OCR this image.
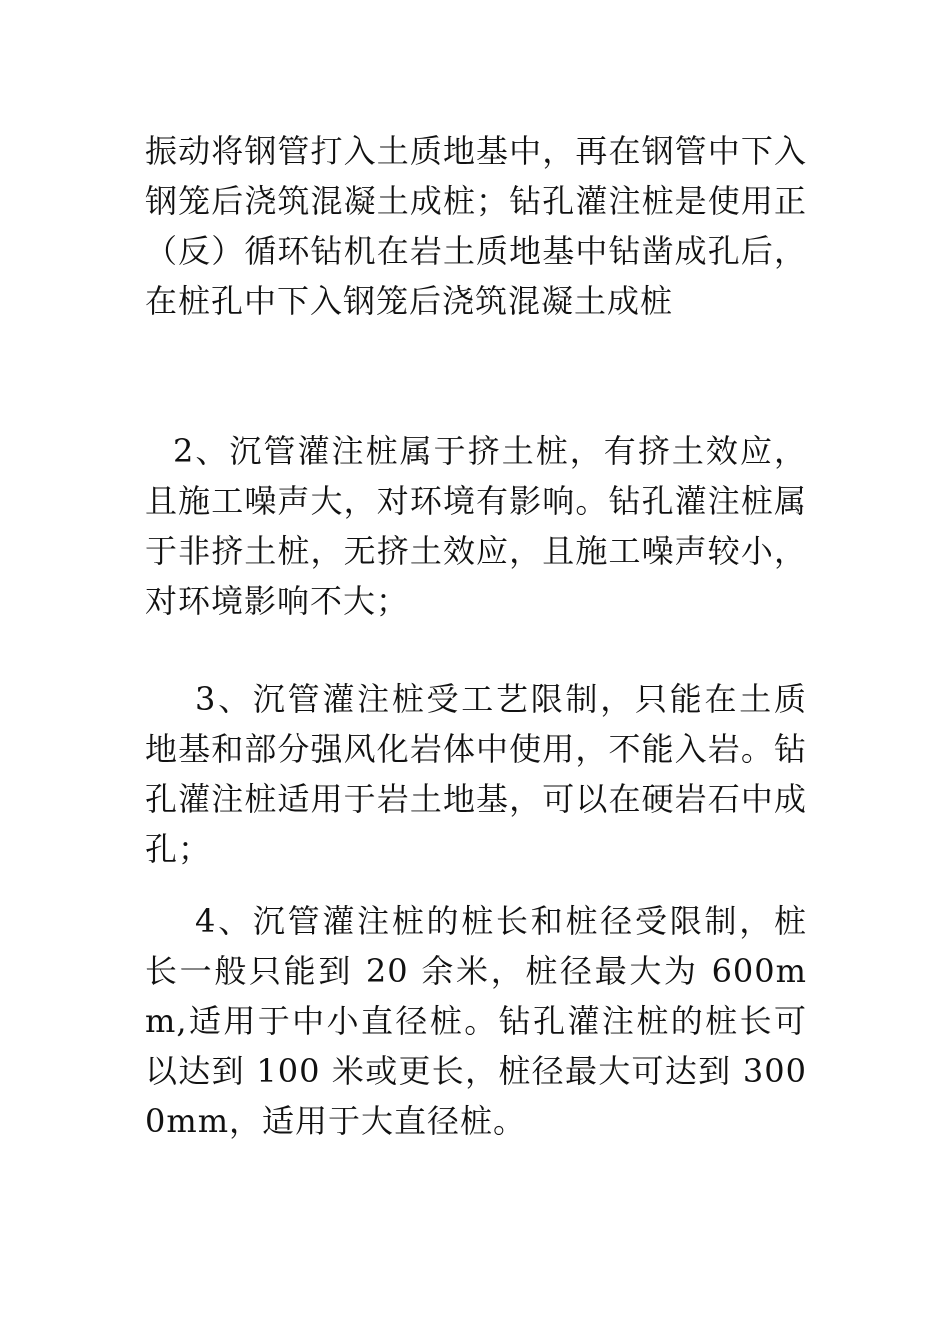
振动将钢管打入土质地基中，再在钢管中下入钢笼后浇筑混凝土成桩；钻孔灌注桩是使用正（反）循环钻机在岩土质地基中钻凿成孔后，在桩孔中下入钢笼后浇筑混凝土成桩

2、沉管灌注桩属于挤土桩，有挤土效应，且施工噪声大，对环境有影响。钻孔灌注桩属于非挤土桩，无挤土效应，且施工噪声较小，对环境影响不大；

3、沉管灌注桩受工艺限制，只能在土质地基和部分强风化岩体中使用，不能入岩。钻孔灌注桩适用于岩土地基，可以在硬岩石中成孔；

4、沉管灌注桩的桩长和桩径受限制，桩长一般只能到 20 余米，桩径最大为 600mm,适用于中小直径桩。钻孔灌注桩的桩长可以达到 100 米或更长，桩径最大可达到 3000mm，适用于大直径桩。
